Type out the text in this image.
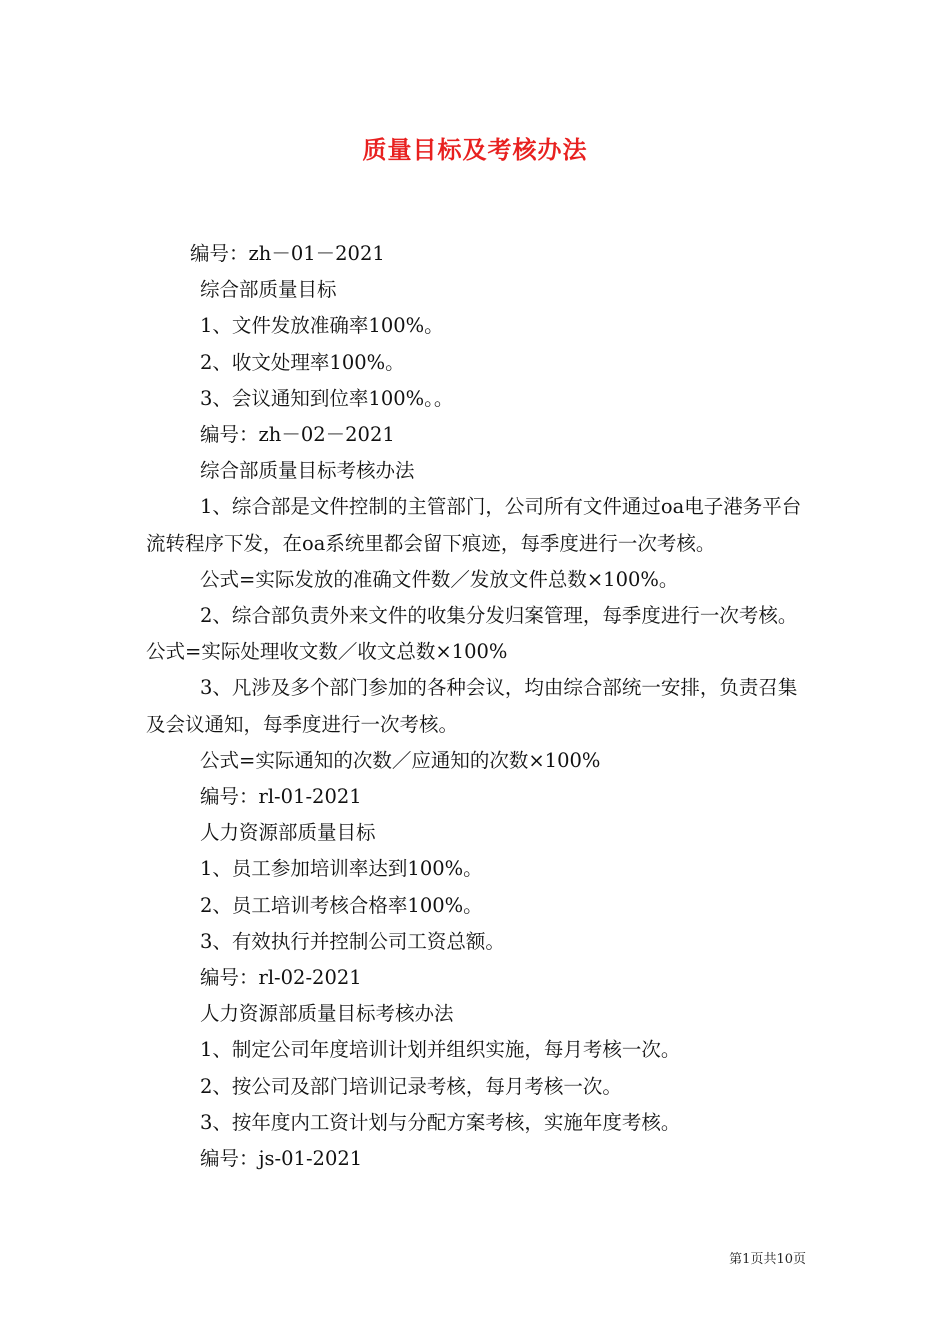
质量目标及考核办法

编号：zh－01－2021

综合部质量目标

1、文件发放准确率100%。

2、收文处理率100%。

3、会议通知到位率100%。。

编号：zh－02－2021

综合部质量目标考核办法

1、综合部是文件控制的主管部门，公司所有文件通过oa电子港务平台流转程序下发，在oa系统里都会留下痕迹，每季度进行一次考核。

公式=实际发放的准确文件数／发放文件总数×100%。

2、综合部负责外来文件的收集分发归案管理，每季度进行一次考核。公式=实际处理收文数／收文总数×100%

3、凡涉及多个部门参加的各种会议，均由综合部统一安排，负责召集及会议通知，每季度进行一次考核。

公式=实际通知的次数／应通知的次数×100%

编号：rl-01-2021

人力资源部质量目标

1、员工参加培训率达到100%。

2、员工培训考核合格率100%。

3、有效执行并控制公司工资总额。

编号：rl-02-2021

人力资源部质量目标考核办法

1、制定公司年度培训计划并组织实施，每月考核一次。

2、按公司及部门培训记录考核，每月考核一次。

3、按年度内工资计划与分配方案考核，实施年度考核。

编号：js-01-2021

第1页共10页
